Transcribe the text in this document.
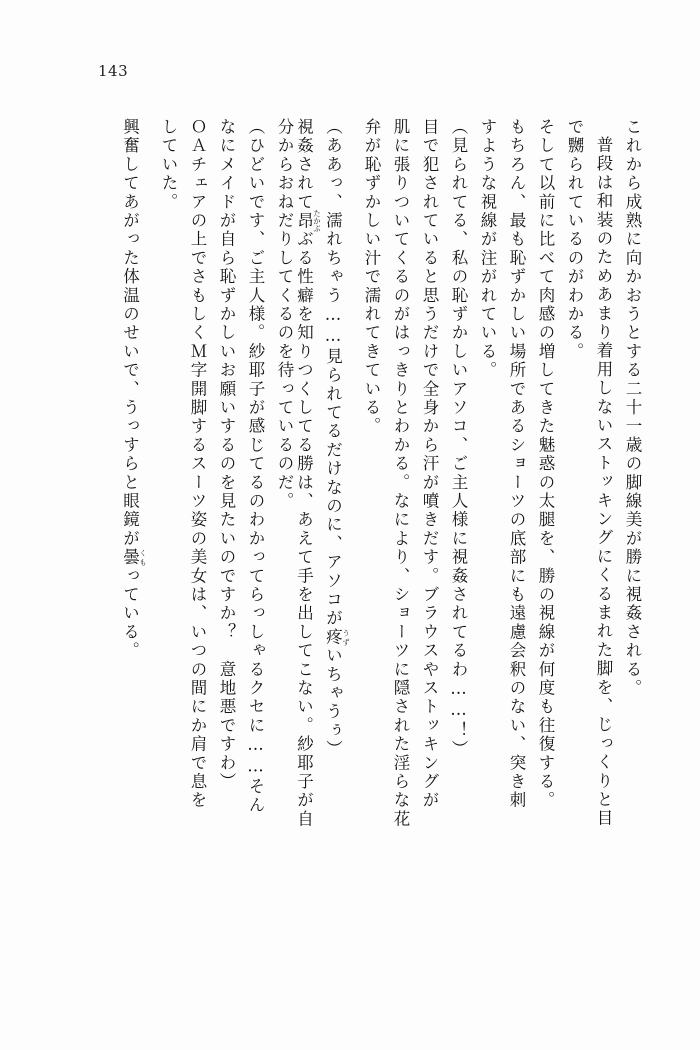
143
これから成熟に向かおうとする二十一歳の脚線美が勝に視姦される。
普段は和装のためあまり着用しないストッキングにくるまれた脚を、じっくりと目
で嬲られているのがわかる。
そして以前に比べて肉感の増してきた魅惑の太腿を、勝の視線が何度も往復する。
もちろん、最も恥ずかしい場所であるショーツの底部にも遠慮会釈のない、突き刺
すような視線が注がれている。
（見られてる、私の恥ずかしいアソコ、ご主人様に視姦されてるわ……！）
目で犯されていると思うだけで全身から汗が噴きだす。ブラウスやストッキングが
肌に張りついてくるのがはっきりとわかる。なにより、ショーツに隠された淫らな花
弁が恥ずかしい汁で濡れてきている。
（ああっ、濡れちゃう……見られてるだけなのに、アソコが疼 うずいちゃうぅ）
視姦されて昂 たかぶぶる性癖を知りつくしてる勝は、あえて手を出してこない。紗耶子が自
分からおねだりしてくるのを待っているのだ。
（ひどいです、ご主人様。紗耶子が感じてるのわかってらっしゃるクセに……そん
なにメイドが自ら恥ずかしいお願いするのを見たいのですか？　意地悪ですわ）
ＯＡチェアの上でさもしくＭ字開脚するスーツ姿の美女は、いつの間にか肩で息を
していた。
興奮してあがった体温のせいで、うっすらと眼鏡が曇 くもっている。
